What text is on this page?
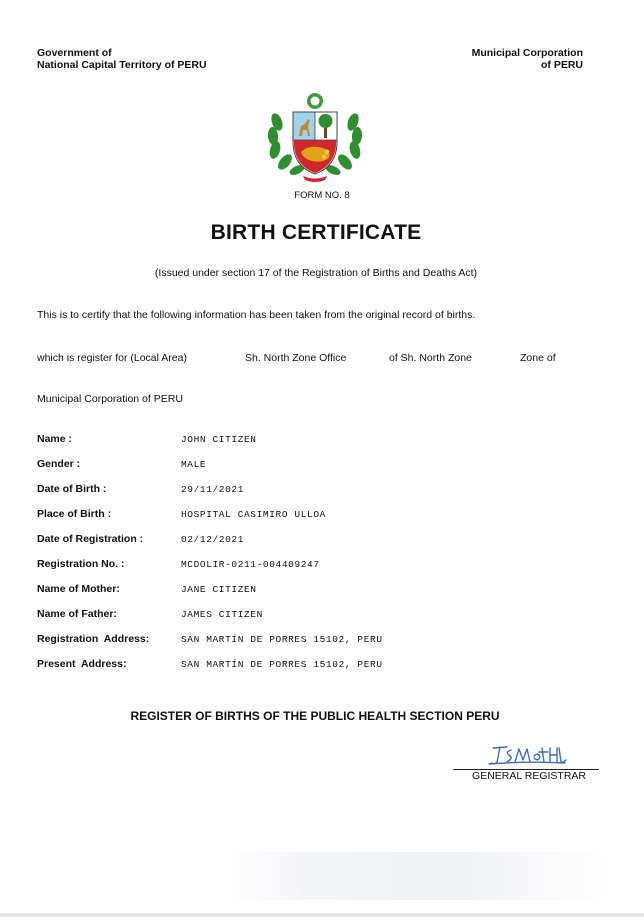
Government of
National Capital Territory of PERU
Municipal Corporation
of PERU
FORM NO. 8
BIRTH CERTIFICATE
(Issued under section 17 of the Registration of Births and Deaths Act)
This is to certify that the following information has been taken from the original record of births.
which is register for (Local Area)	Sh. North Zone Office	of Sh. North Zone	Zone of
Municipal Corporation of PERU
Name :	JOHN CITIZEN
Gender :	MALE
Date of Birth :	29/11/2021
Place of Birth :	HOSPITAL CASIMIRO ULLOA
Date of Registration :	02/12/2021
Registration No. :	MCDOLIR-0211-004409247
Name of Mother:	JANE CITIZEN
Name of Father:	JAMES CITIZEN
Registration  Address:	SAN MARTÍN DE PORRES 15102, PERU
Present  Address:	SAN MARTÍN DE PORRES 15102, PERU
REGISTER OF BIRTHS OF THE PUBLIC HEALTH SECTION PERU
GENERAL REGISTRAR
